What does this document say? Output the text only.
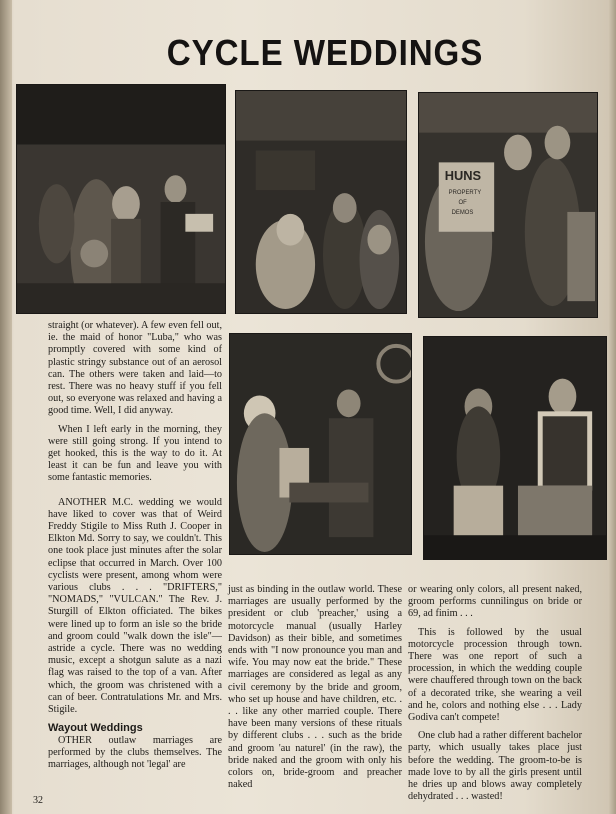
CYCLE WEDDINGS
HUNS
PROPERTY
OF
DEMOS

straight (or whatever). A few even fell out, ie. the maid of honor "Luba," who was promptly covered with some kind of plastic stringy substance out of an aerosol can. The others were taken and laid—to rest. There was no heavy stuff if you fell out, so everyone was relaxed and having a good time. Well, I did anyway.

When I left early in the morning, they were still going strong. If you intend to get hooked, this is the way to do it. At least it can be fun and leave you with some fantastic memories.

ANOTHER M.C. wedding we would have liked to cover was that of Weird Freddy Stigile to Miss Ruth J. Cooper in Elkton Md. Sorry to say, we couldn't. This one took place just minutes after the solar eclipse that occurred in March. Over 100 cyclists were present, among whom were various clubs . . . "DRIFTERS," "NOMADS," "VULCAN." The Rev. J. Sturgill of Elkton officiated. The bikes were lined up to form an isle so the bride and groom could "walk down the isle"—astride a cycle. There was no wedding music, except a shotgun salute as a nazi flag was raised to the top of a van. After which, the groom was christened with a can of beer. Contratulations Mr. and Mrs. Stigile.

Wayout Weddings

OTHER outlaw marriages are performed by the clubs themselves. The marriages, although not 'legal' are

just as binding in the outlaw world. These marriages are usually performed by the president or club 'preacher,' using a motorcycle manual (usually Harley Davidson) as their bible, and sometimes ends with "I now pronounce you man and wife. You may now eat the bride." These marriages are considered as legal as any civil ceremony by the bride and groom, who set up house and have children, etc. . . . like any other married couple. There have been many versions of these rituals by different clubs . . . such as the bride and groom 'au naturel' (in the raw), the bride naked and the groom with only his colors on, bride-groom and preacher naked

or wearing only colors, all present naked, groom performs cunnilingus on bride or 69, ad finim . . .

This is followed by the usual motorcycle procession through town. There was one report of such a procession, in which the wedding couple were chauffered through town on the back of a decorated trike, she wearing a veil and he, colors and nothing else . . . Lady Godiva can't compete!

One club had a rather different bachelor party, which usually takes place just before the wedding. The groom-to-be is made love to by all the girls present until he dries up and blows away completely dehydrated . . . wasted!

32
